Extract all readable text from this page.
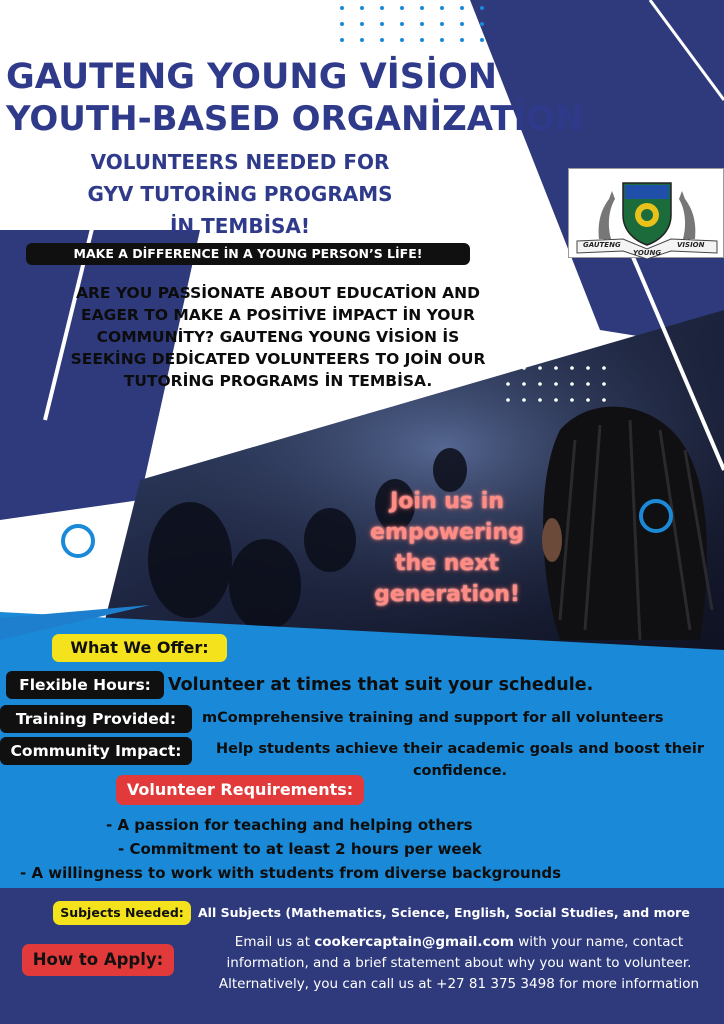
GAUTENG YOUNG VİSİON
YOUTH-BASED ORGANİZATİON
VOLUNTEERS NEEDED FOR
GYV TUTORİNG PROGRAMS
İN TEMBİSA!
GAUTENG
YOUNG
VISION
MAKE A DİFFERENCE İN A YOUNG PERSON’S LİFE!
ARE YOU PASSİONATE ABOUT EDUCATİON AND EAGER TO MAKE A POSİTİVE İMPACT İN YOUR COMMUNİTY? GAUTENG YOUNG VİSİON İS SEEKİNG DEDİCATED VOLUNTEERS TO JOİN OUR TUTORİNG PROGRAMS İN TEMBİSA.
Join us in
empowering
the next
generation!
What We Offer:
Flexible Hours: Volunteer at times that suit your schedule.
Training Provided:	mComprehensive training and support for all volunteers
Community Impact:	Help students achieve their academic goals and boost their confidence.
Volunteer Requirements:
- A passion for teaching and helping others
- Commitment to at least 2 hours per week
- A willingness to work with students from diverse backgrounds
Subjects Needed:	All Subjects (Mathematics, Science, English, Social Studies, and more
How to Apply:
Email us at cookercaptain@gmail.com with your name, contact information, and a brief statement about why you want to volunteer. Alternatively, you can call us at +27 81 375 3498 for more information
